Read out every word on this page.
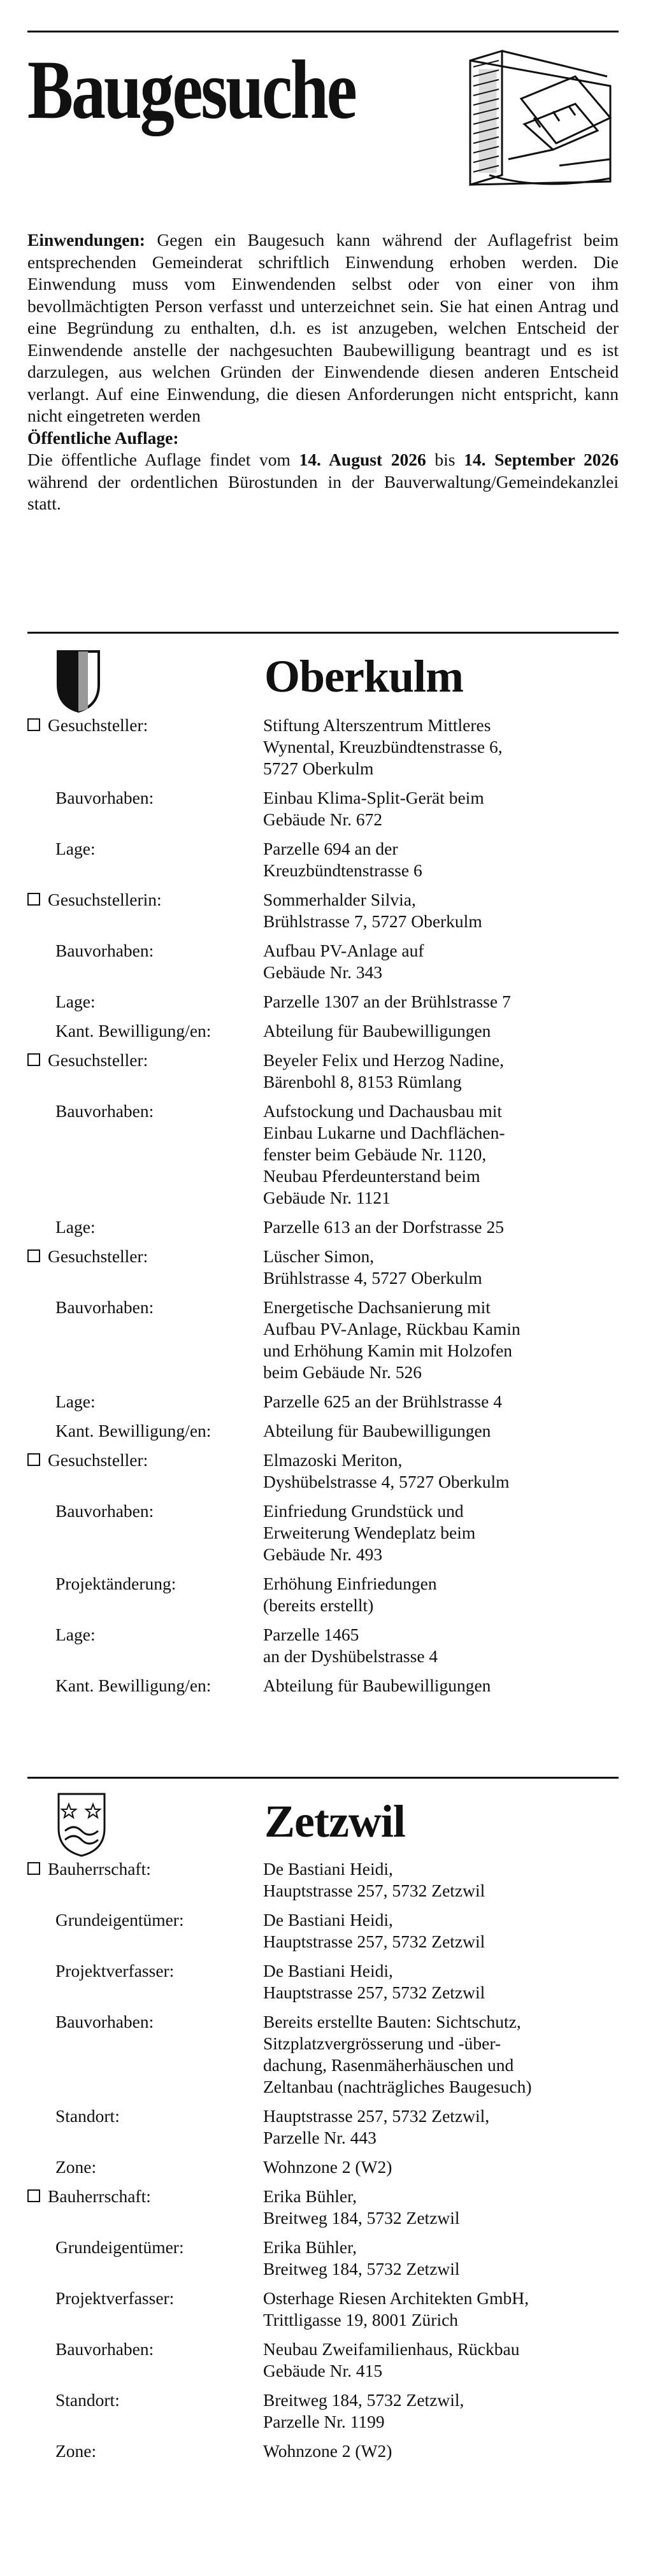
Baugesuche

Einwendungen: Gegen ein Baugesuch kann während der Auflagefrist beim entsprechenden Gemeinderat schriftlich Einwendung erhoben werden. Die Einwendung muss vom Einwendenden selbst oder von einer von ihm bevollmächtigten Person verfasst und unterzeichnet sein. Sie hat einen Antrag und eine Begründung zu enthalten, d.h. es ist anzugeben, welchen Entscheid der Einwendende anstelle der nachgesuchten Baubewilligung beantragt und es ist darzulegen, aus welchen Gründen der Einwendende diesen anderen Entscheid verlangt. Auf eine Einwendung, die diesen Anforderungen nicht entspricht, kann nicht eingetreten werden

Öffentliche Auflage:

Die öffentliche Auflage findet vom 14. August 2026 bis 14. September 2026 während der ordentlichen Bürostunden in der Bauverwaltung/Gemeindekanzlei statt.

Oberkulm
Gesuchsteller:	Stiftung Alterszentrum Mittleres
Wynental, Kreuzbündtenstrasse 6,
5727 Oberkulm
Bauvorhaben:	Einbau Klima-Split-Gerät beim
Gebäude Nr. 672
Lage:	Parzelle 694 an der
Kreuzbündtenstrasse 6
Gesuchstellerin:	Sommerhalder Silvia,
Brühlstrasse 7, 5727 Oberkulm
Bauvorhaben:	Aufbau PV-Anlage auf
Gebäude Nr. 343
Lage:	Parzelle 1307 an der Brühlstrasse 7
Kant. Bewilligung/en:	Abteilung für Baubewilligungen
Gesuchsteller:	Beyeler Felix und Herzog Nadine,
Bärenbohl 8, 8153 Rümlang
Bauvorhaben:	Aufstockung und Dachausbau mit
Einbau Lukarne und Dachflächen-
fenster beim Gebäude Nr. 1120,
Neubau Pferdeunterstand beim
Gebäude Nr. 1121
Lage:	Parzelle 613 an der Dorfstrasse 25
Gesuchsteller:	Lüscher Simon,
Brühlstrasse 4, 5727 Oberkulm
Bauvorhaben:	Energetische Dachsanierung mit
Aufbau PV-Anlage, Rückbau Kamin
und Erhöhung Kamin mit Holzofen
beim Gebäude Nr. 526
Lage:	Parzelle 625 an der Brühlstrasse 4
Kant. Bewilligung/en:	Abteilung für Baubewilligungen
Gesuchsteller:	Elmazoski Meriton,
Dyshübelstrasse 4, 5727 Oberkulm
Bauvorhaben:	Einfriedung Grundstück und
Erweiterung Wendeplatz beim
Gebäude Nr. 493
Projektänderung:	Erhöhung Einfriedungen
(bereits erstellt)
Lage:	Parzelle 1465
an der Dyshübelstrasse 4
Kant. Bewilligung/en:	Abteilung für Baubewilligungen
Zetzwil
Bauherrschaft:	De Bastiani Heidi,
Hauptstrasse 257, 5732 Zetzwil
Grundeigentümer:	De Bastiani Heidi,
Hauptstrasse 257, 5732 Zetzwil
Projektverfasser:	De Bastiani Heidi,
Hauptstrasse 257, 5732 Zetzwil
Bauvorhaben:	Bereits erstellte Bauten: Sichtschutz,
Sitzplatzvergrösserung und -über-
dachung, Rasenmäherhäuschen und
Zeltanbau (nachträgliches Baugesuch)
Standort:	Hauptstrasse 257, 5732 Zetzwil,
Parzelle Nr. 443
Zone:	Wohnzone 2 (W2)
Bauherrschaft:	Erika Bühler,
Breitweg 184, 5732 Zetzwil
Grundeigentümer:	Erika Bühler,
Breitweg 184, 5732 Zetzwil
Projektverfasser:	Osterhage Riesen Architekten GmbH,
Trittligasse 19, 8001 Zürich
Bauvorhaben:	Neubau Zweifamilienhaus, Rückbau
Gebäude Nr. 415
Standort:	Breitweg 184, 5732 Zetzwil,
Parzelle Nr. 1199
Zone:	Wohnzone 2 (W2)
